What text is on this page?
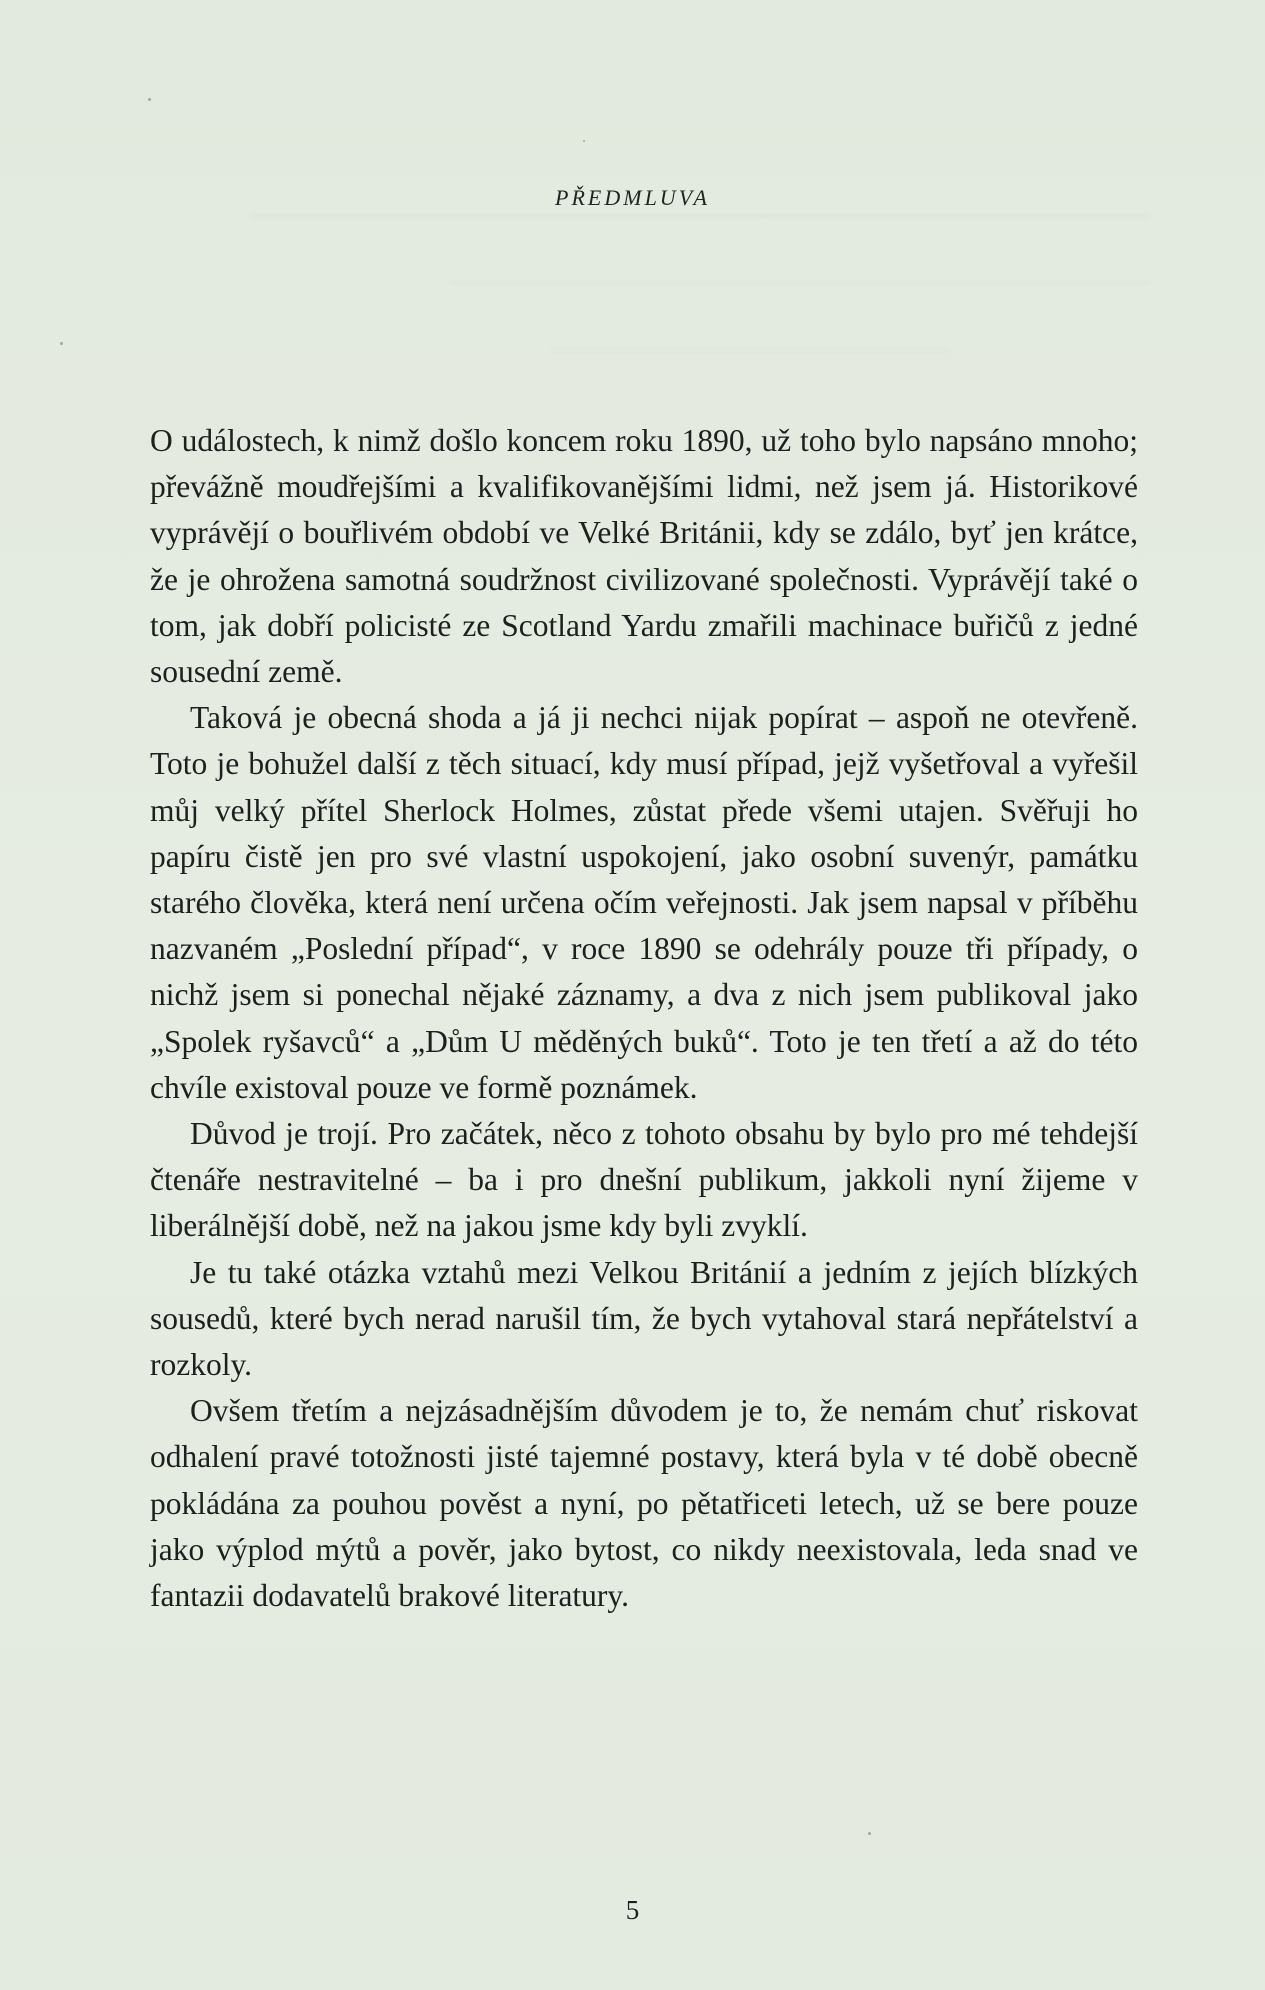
PŘEDMLUVA

O událostech, k nimž došlo koncem roku 1890, už toho bylo napsáno mnoho; převážně moudřejšími a kvalifikovanějšími lidmi, než jsem já. Historikové vyprávějí o bouřlivém období ve Velké Británii, kdy se zdálo, byť jen krátce, že je ohrožena samotná soudržnost civilizované společnosti. Vyprávějí také o tom, jak dobří policisté ze Scotland Yardu zmařili machinace buřičů z jedné sousední země.

Taková je obecná shoda a já ji nechci nijak popírat – aspoň ne otevřeně. Toto je bohužel další z těch situací, kdy musí případ, jejž vyšetřoval a vyřešil můj velký přítel Sherlock Holmes, zůstat přede všemi utajen. Svěřuji ho papíru čistě jen pro své vlastní uspokojení, jako osobní suvenýr, památku starého člověka, která není určena očím veřejnosti. Jak jsem napsal v příběhu nazvaném „Poslední případ“, v roce 1890 se odehrály pouze tři případy, o nichž jsem si ponechal nějaké záznamy, a dva z nich jsem publikoval jako „Spolek ryšavců“ a „Dům U měděných buků“. Toto je ten třetí a až do této chvíle existoval pouze ve formě poznámek.

Důvod je trojí. Pro začátek, něco z tohoto obsahu by bylo pro mé tehdejší čtenáře nestravitelné – ba i pro dnešní publikum, jakkoli nyní žijeme v liberálnější době, než na jakou jsme kdy byli zvyklí.

Je tu také otázka vztahů mezi Velkou Británií a jedním z jejích blízkých sousedů, které bych nerad narušil tím, že bych vytahoval stará nepřátelství a rozkoly.

Ovšem třetím a nejzásadnějším důvodem je to, že nemám chuť riskovat odhalení pravé totožnosti jisté tajemné postavy, která byla v té době obecně pokládána za pouhou pověst a nyní, po pětatřiceti letech, už se bere pouze jako výplod mýtů a pověr, jako bytost, co nikdy neexistovala, leda snad ve fantazii dodavatelů brakové literatury.

5
